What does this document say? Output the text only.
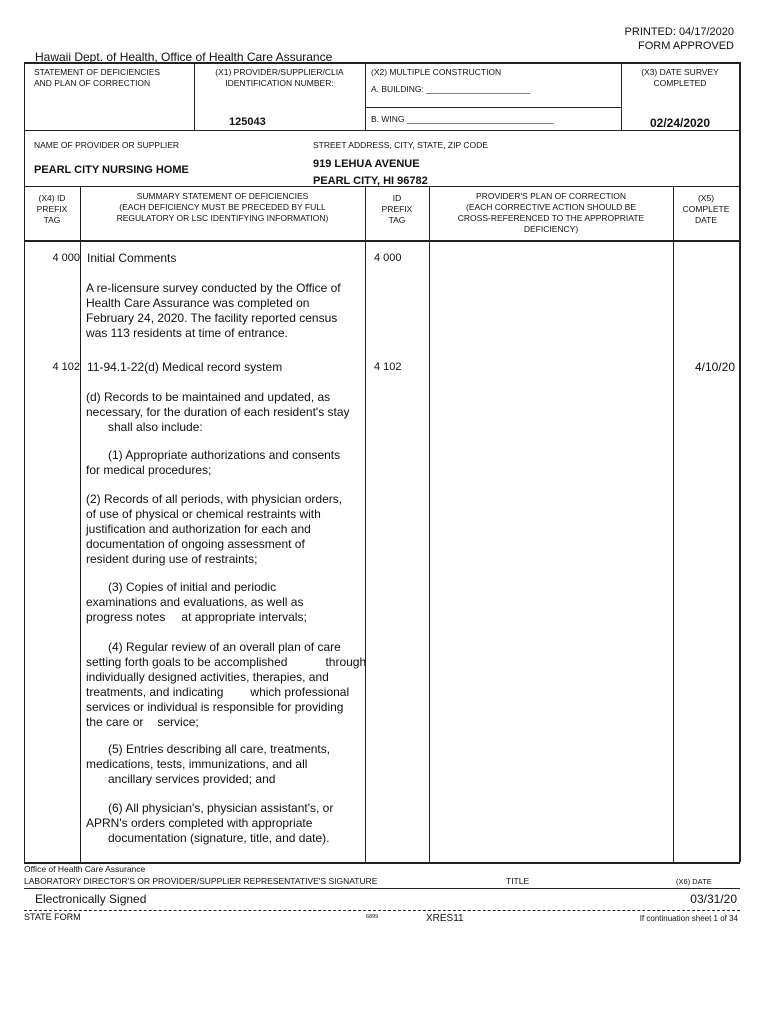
PRINTED: 04/17/2020
FORM APPROVED
Hawaii Dept. of Health, Office of Health Care Assurance
STATEMENT OF DEFICIENCIES
AND PLAN OF CORRECTION
(X1) PROVIDER/SUPPLIER/CLIA
IDENTIFICATION NUMBER:
125043
(X2) MULTIPLE CONSTRUCTION
A. BUILDING: ______________________
B. WING _______________________________
(X3) DATE SURVEY
COMPLETED
02/24/2020
NAME OF PROVIDER OR SUPPLIER
PEARL CITY NURSING HOME
STREET ADDRESS, CITY, STATE, ZIP CODE
919 LEHUA AVENUE
PEARL CITY, HI 96782
(X4) ID
PREFIX
TAG
SUMMARY STATEMENT OF DEFICIENCIES
(EACH DEFICIENCY MUST BE PRECEDED BY FULL
REGULATORY OR LSC IDENTIFYING INFORMATION)
ID
PREFIX
TAG
PROVIDER'S PLAN OF CORRECTION
(EACH CORRECTIVE ACTION SHOULD BE
CROSS-REFERENCED TO THE APPROPRIATE
DEFICIENCY)
(X5)
COMPLETE
DATE
4 000 Initial Comments	4 000
A re-licensure survey conducted by the Office of
Health Care Assurance was completed on
February 24, 2020. The facility reported census
was 113 residents at time of entrance.
4 102 11-94.1-22(d) Medical record system	4 102	4/10/20
(d) Records to be maintained and updated, as
necessary, for the duration of each resident's stay
shall also include:
(1) Appropriate authorizations and consents
for medical procedures;
(2) Records of all periods, with physician orders,
of use of physical or chemical restraints with
justification and authorization for each and
documentation of ongoing assessment of
resident during use of restraints;
(3) Copies of initial and periodic
examinations and evaluations, as well as
progress notes at appropriate intervals;
(4) Regular review of an overall plan of care
setting forth goals to be accomplished	through
individually designed activities, therapies, and
treatments, and indicating which professional
services or individual is responsible for providing
the care or service;
(5) Entries describing all care, treatments,
medications, tests, immunizations, and all
ancillary services provided; and
(6) All physician's, physician assistant's, or
APRN's orders completed with appropriate
documentation (signature, title, and date).
Office of Health Care Assurance
LABORATORY DIRECTOR'S OR PROVIDER/SUPPLIER REPRESENTATIVE'S SIGNATURE	TITLE	(X6) DATE
Electronically Signed	03/31/20
STATE FORM	6899	XRES11	If continuation sheet 1 of 34
